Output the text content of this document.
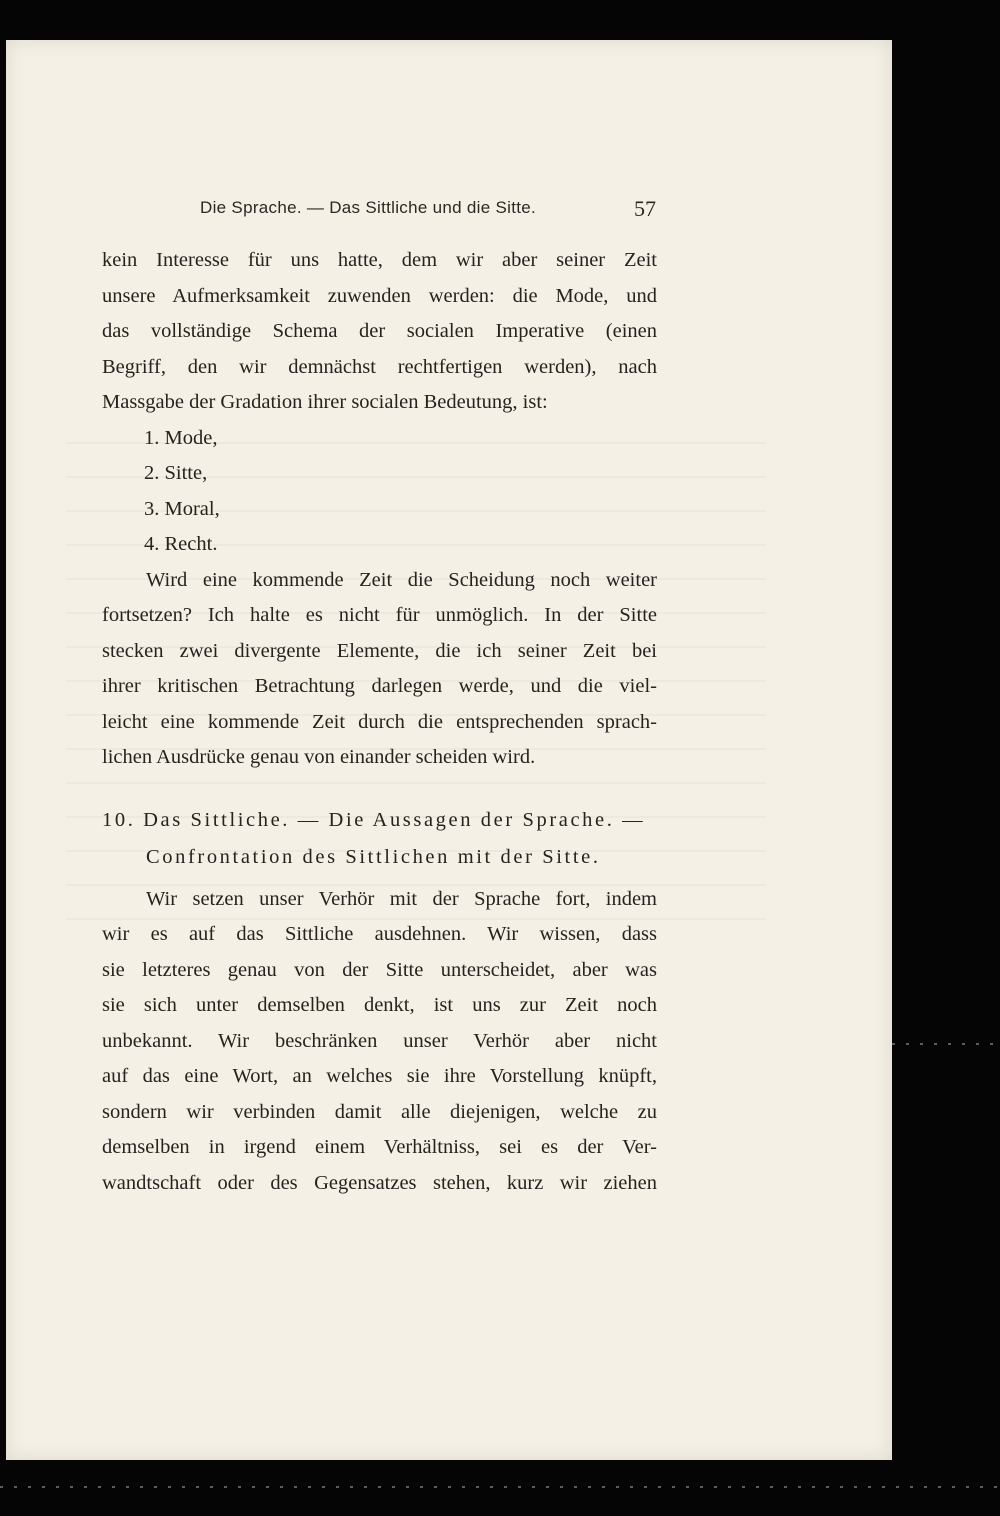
Die Sprache. — Das Sittliche und die Sitte.	57
kein Interesse für uns hatte, dem wir aber seiner Zeit
unsere Aufmerksamkeit zuwenden werden: die Mode, und
das vollständige Schema der socialen Imperative (einen
Begriff, den wir demnächst rechtfertigen werden), nach
Massgabe der Gradation ihrer socialen Bedeutung, ist:
1. Mode,
2. Sitte,
3. Moral,
4. Recht.
Wird eine kommende Zeit die Scheidung noch weiter
fortsetzen? Ich halte es nicht für unmöglich. In der Sitte
stecken zwei divergente Elemente, die ich seiner Zeit bei
ihrer kritischen Betrachtung darlegen werde, und die viel-
leicht eine kommende Zeit durch die entsprechenden sprach-
lichen Ausdrücke genau von einander scheiden wird.
10. Das Sittliche. — Die Aussagen der Sprache. —
Confrontation des Sittlichen mit der Sitte.
Wir setzen unser Verhör mit der Sprache fort, indem
wir es auf das Sittliche ausdehnen. Wir wissen, dass
sie letzteres genau von der Sitte unterscheidet, aber was
sie sich unter demselben denkt, ist uns zur Zeit noch
unbekannt. Wir beschränken unser Verhör aber nicht
auf das eine Wort, an welches sie ihre Vorstellung knüpft,
sondern wir verbinden damit alle diejenigen, welche zu
demselben in irgend einem Verhältniss, sei es der Ver-
wandtschaft oder des Gegensatzes stehen, kurz wir ziehen
